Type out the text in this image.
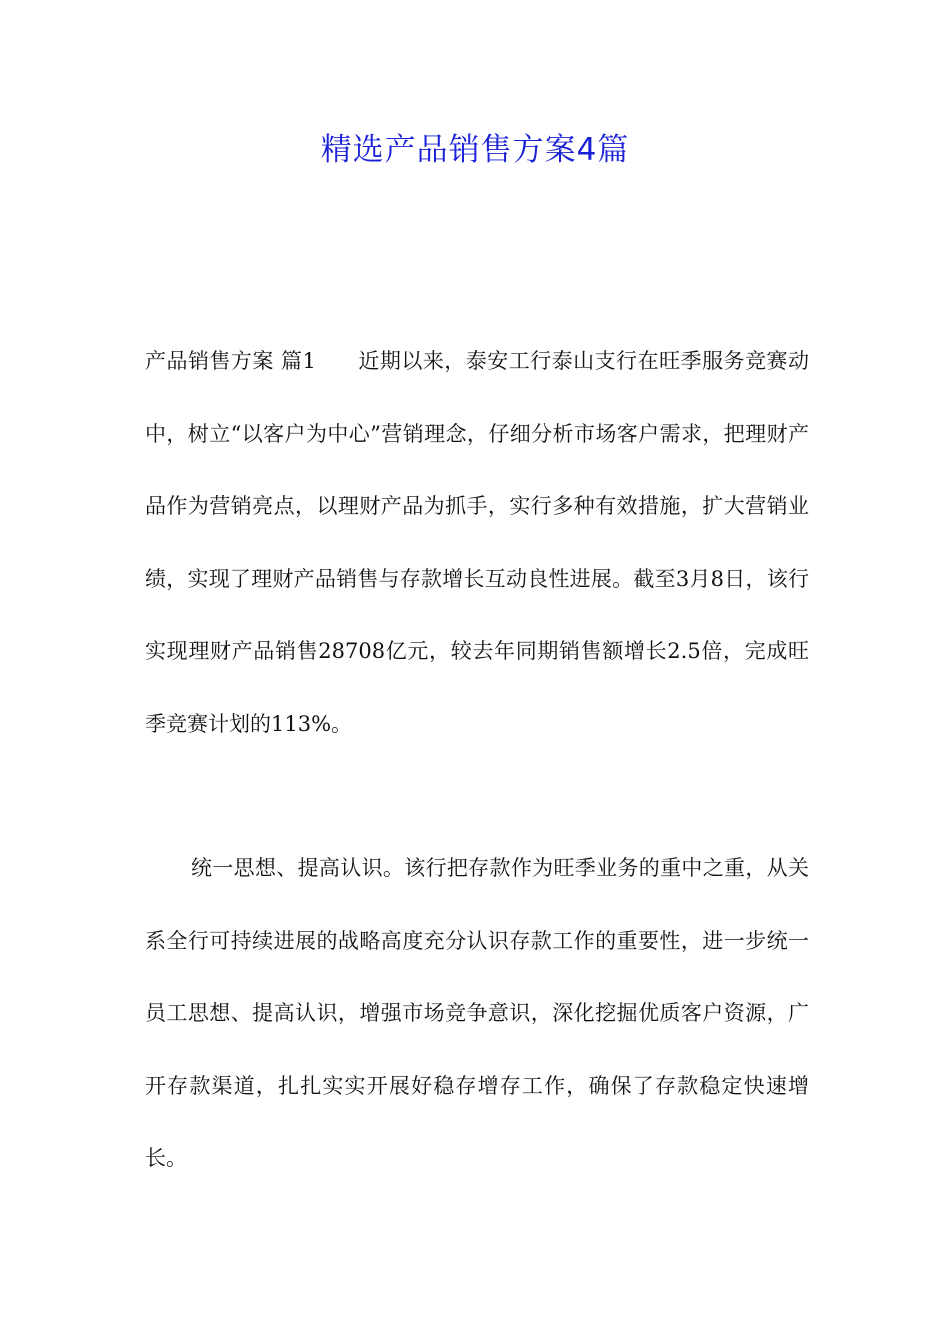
精选产品销售方案4篇

产品销售方案 篇1 近期以来，泰安工行泰山支行在旺季服务竞赛动中，树立“以客户为中心”营销理念，仔细分析市场客户需求，把理财产品作为营销亮点，以理财产品为抓手，实行多种有效措施，扩大营销业绩，实现了理财产品销售与存款增长互动良性进展。截至3月8日，该行实现理财产品销售28708亿元，较去年同期销售额增长2.5倍，完成旺季竞赛计划的113%。

统一思想、提高认识。该行把存款作为旺季业务的重中之重，从关系全行可持续进展的战略高度充分认识存款工作的重要性，进一步统一员工思想、提高认识，增强市场竞争意识，深化挖掘优质客户资源，广开存款渠道，扎扎实实开展好稳存增存工作，确保了存款稳定快速增长。
